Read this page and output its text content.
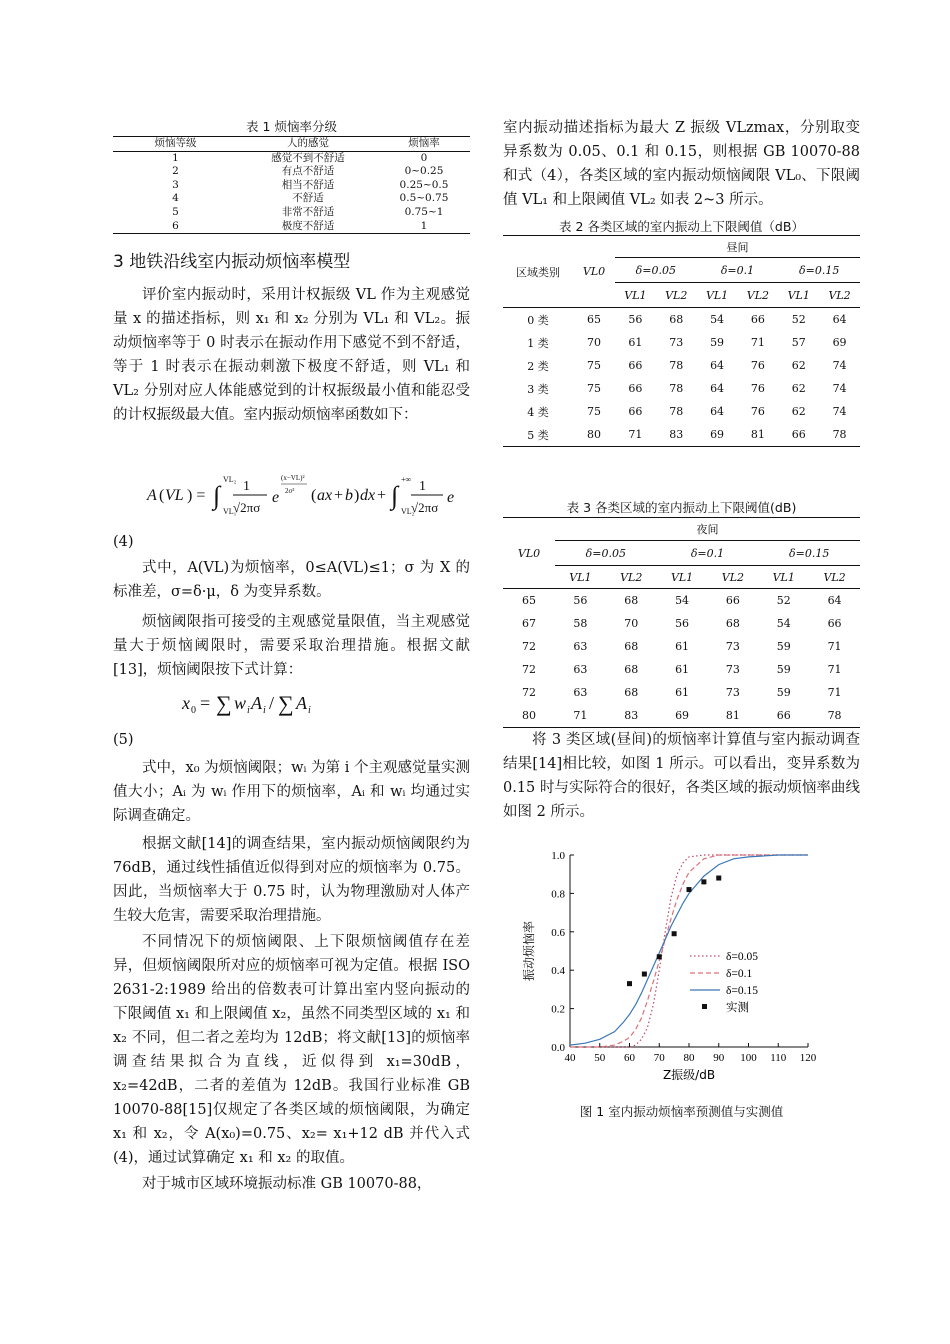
表 1 烦恼率分级
烦恼等级	人的感觉	烦恼率
1	感觉不到不舒适	0
2	有点不舒适	0~0.25
3	相当不舒适	0.25~0.5
4	不舒适	0.5~0.75
5	非常不舒适	0.75~1
6	极度不舒适	1
3 地铁沿线室内振动烦恼率模型

评价室内振动时，采用计权振级 VL 作为主观感觉量 x 的描述指标，则 x₁ 和 x₂ 分别为 VL₁ 和 VL₂。振动烦恼率等于 0 时表示在振动作用下感觉不到不舒适，等于 1 时表示在振动刺激下极度不舒适，则 VL₁ 和 VL₂ 分别对应人体能感觉到的计权振级最小值和能忍受的计权振级最大值。室内振动烦恼率函数如下：

A ( VL ) = ∫
VL₂
VL₁
1
√2πσ
e
(x−VL)²
2σ² ( ax + b ) dx + ∫
+∞
VL₂
1
√2πσ
e
(4)

式中，A(VL)为烦恼率，0≤A(VL)≤1；σ 为 X 的标准差，σ=δ·μ，δ 为变异系数。

烦恼阈限指可接受的主观感觉量限值，当主观感觉量大于烦恼阈限时，需要采取治理措施。根据文献[13]，烦恼阈限按下式计算：

x 0 = ∑ w i A i / ∑ A i
(5)

式中，x₀ 为烦恼阈限；wᵢ 为第 i 个主观感觉量实测值大小；Aᵢ 为 wᵢ 作用下的烦恼率，Aᵢ 和 wᵢ 均通过实际调查确定。

根据文献[14]的调查结果，室内振动烦恼阈限约为 76dB，通过线性插值近似得到对应的烦恼率为 0.75。因此，当烦恼率大于 0.75 时，认为物理激励对人体产生较大危害，需要采取治理措施。

不同情况下的烦恼阈限、上下限烦恼阈值存在差异，但烦恼阈限所对应的烦恼率可视为定值。根据 ISO 2631-2:1989 给出的倍数表可计算出室内竖向振动的下限阈值 x₁ 和上限阈值 x₂，虽然不同类型区域的 x₁ 和 x₂ 不同，但二者之差均为 12dB；将文献[13]的烦恼率调查结果拟合为直线，近似得到 x₁=30dB，x₂=42dB，二者的差值为 12dB。我国行业标准 GB 10070-88[15]仅规定了各类区域的烦恼阈限，为确定 x₁ 和 x₂，令 A(x₀)=0.75、x₂= x₁+12 dB 并代入式(4)，通过试算确定 x₁ 和 x₂ 的取值。

对于城市区域环境振动标准 GB 10070-88，

室内振动描述指标为最大 Z 振级 VLzmax，分别取变异系数为 0.05、0.1 和 0.15，则根据 GB 10070-88 和式（4），各类区域的室内振动烦恼阈限 VL₀、下限阈值 VL₁ 和上限阈值 VL₂ 如表 2~3 所示。

表 2 各类区域的室内振动上下限阈值（dB）
区域类别	VL0	昼间					
		δ=0.05		δ=0.1		δ=0.15	
		VL1	VL2	VL1	VL2	VL1	VL2
0 类	65	56	68	54	66	52	64
1 类	70	61	73	59	71	57	69
2 类	75	66	78	64	76	62	74
3 类	75	66	78	64	76	62	74
4 类	75	66	78	64	76	62	74
5 类	80	71	83	69	81	66	78
表 3 各类区域的室内振动上下限阈值(dB)
VL0	夜间					
	δ=0.05		δ=0.1		δ=0.15	
	VL1	VL2	VL1	VL2	VL1	VL2
65	56	68	54	66	52	64
67	58	70	56	68	54	66
72	63	68	61	73	59	71
72	63	68	61	73	59	71
72	63	68	61	73	59	71
80	71	83	69	81	66	78

将 3 类区域(昼间)的烦恼率计算值与室内振动调查结果[14]相比较，如图 1 所示。可以看出，变异系数为 0.15 时与实际符合的很好，各类区域的振动烦恼率曲线如图 2 所示。

40 50 60 70 80 90 100 110 120
0.0
0.2
0.4
0.6
0.8
1.0
Z振级/dB
振动烦恼率	δ=0.05
δ=0.1
δ=0.15
实测
图 1 室内振动烦恼率预测值与实测值
